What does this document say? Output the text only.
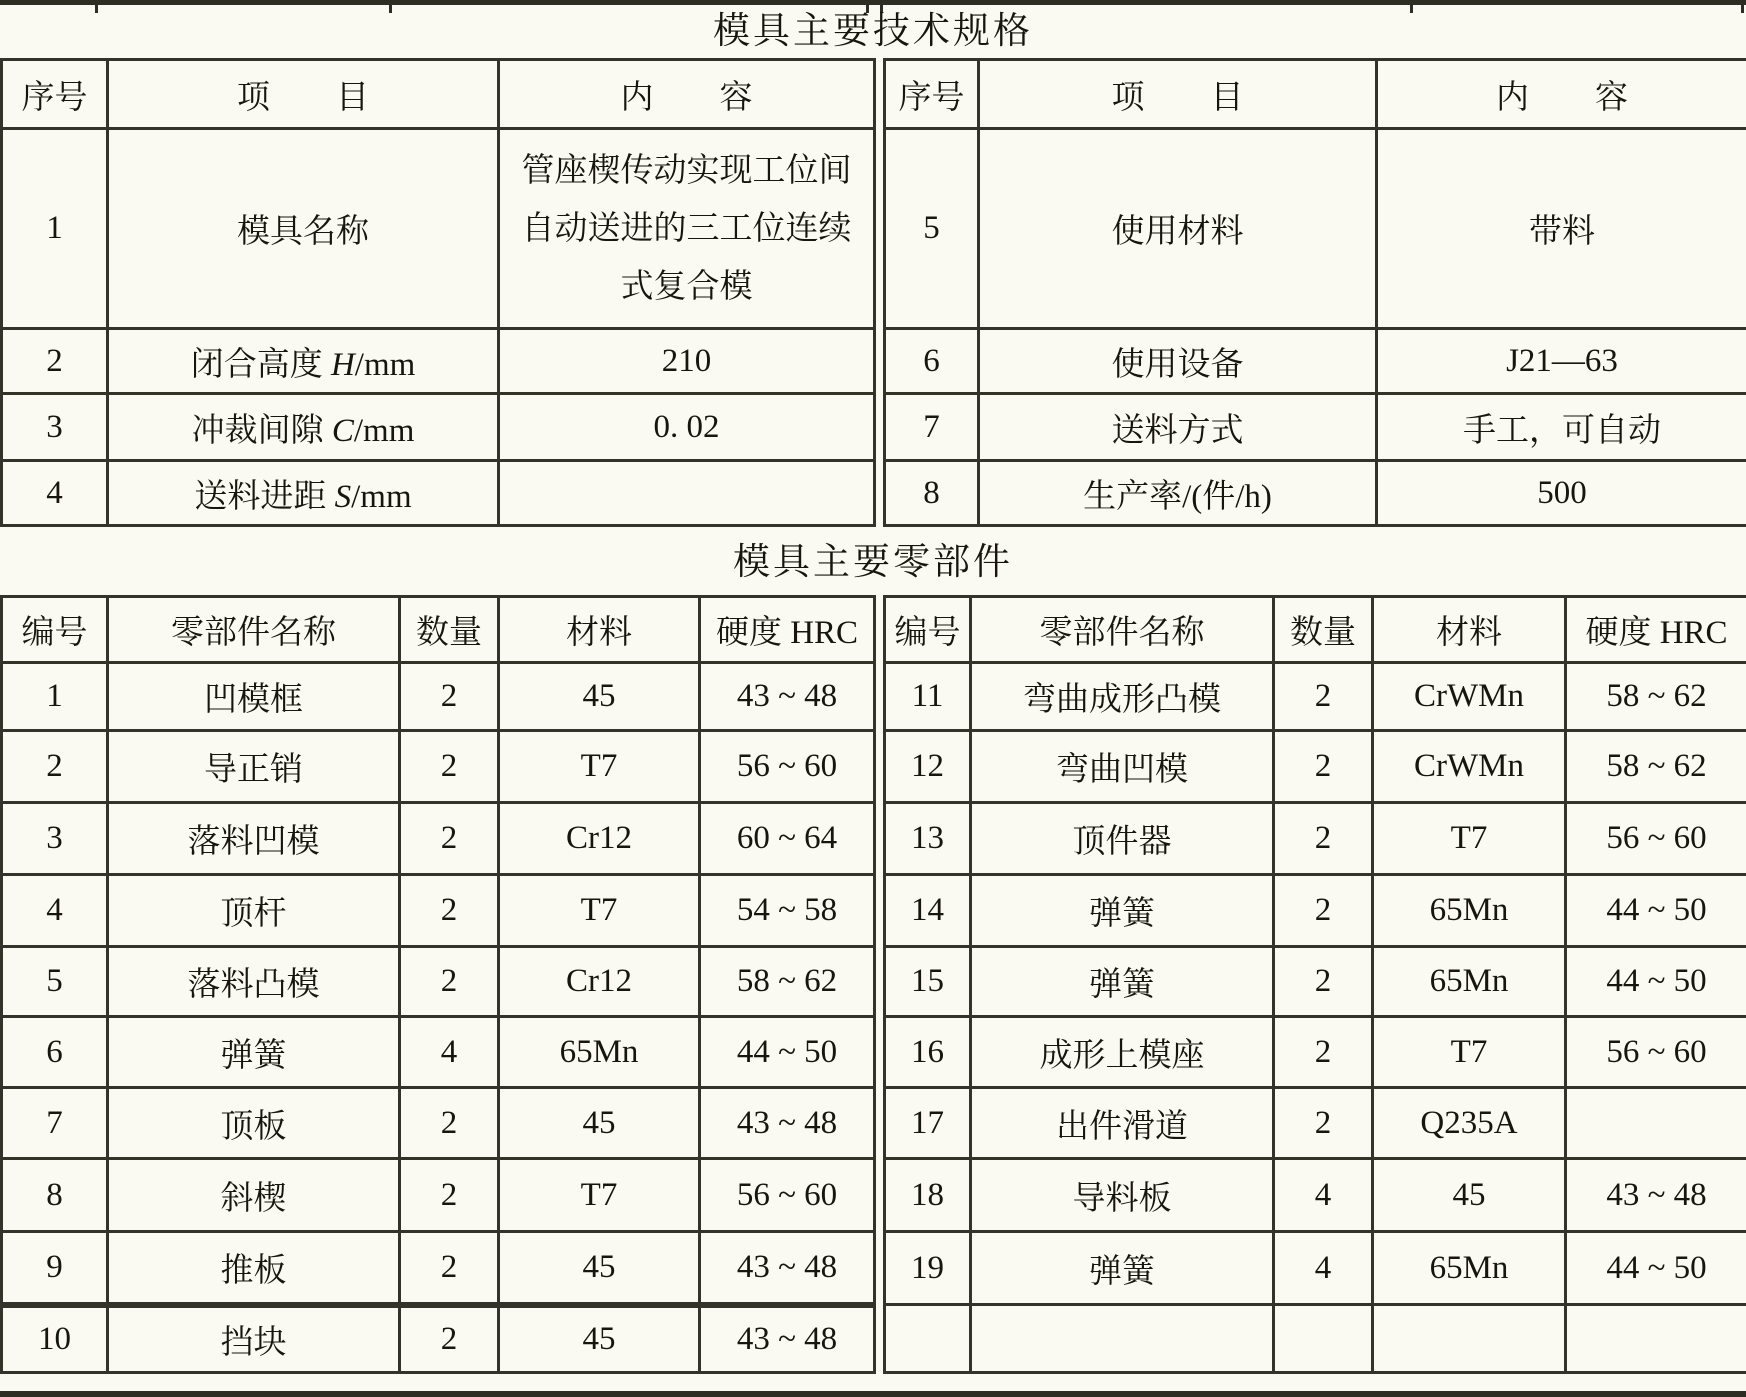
模具主要技术规格
序号	项　　目	内　　容
1	模具名称	管座楔传动实现工位间
自动送进的三工位连续
式复合模

2	闭合高度 H/mm	210
3	冲裁间隙 C/mm	0. 02
4	送料进距 S/mm	
序号	项　　目	内　　容
5	使用材料	带料
6	使用设备	J21—63
7	送料方式	手工，可自动
8	生产率/(件/h)	500
模具主要零部件
编号	零部件名称	数量	材料	硬度 HRC
1	凹模框	2	45	43 ~ 48
2	导正销	2	T7	56 ~ 60
3	落料凹模	2	Cr12	60 ~ 64
4	顶杆	2	T7	54 ~ 58
5	落料凸模	2	Cr12	58 ~ 62
6	弹簧	4	65Mn	44 ~ 50
7	顶板	2	45	43 ~ 48
8	斜楔	2	T7	56 ~ 60
9	推板	2	45	43 ~ 48
10	挡块	2	45	43 ~ 48
编号	零部件名称	数量	材料	硬度 HRC
11	弯曲成形凸模	2	CrWMn	58 ~ 62
12	弯曲凹模	2	CrWMn	58 ~ 62
13	顶件器	2	T7	56 ~ 60
14	弹簧	2	65Mn	44 ~ 50
15	弹簧	2	65Mn	44 ~ 50
16	成形上模座	2	T7	56 ~ 60
17	出件滑道	2	Q235A	
18	导料板	4	45	43 ~ 48
19	弹簧	4	65Mn	44 ~ 50
